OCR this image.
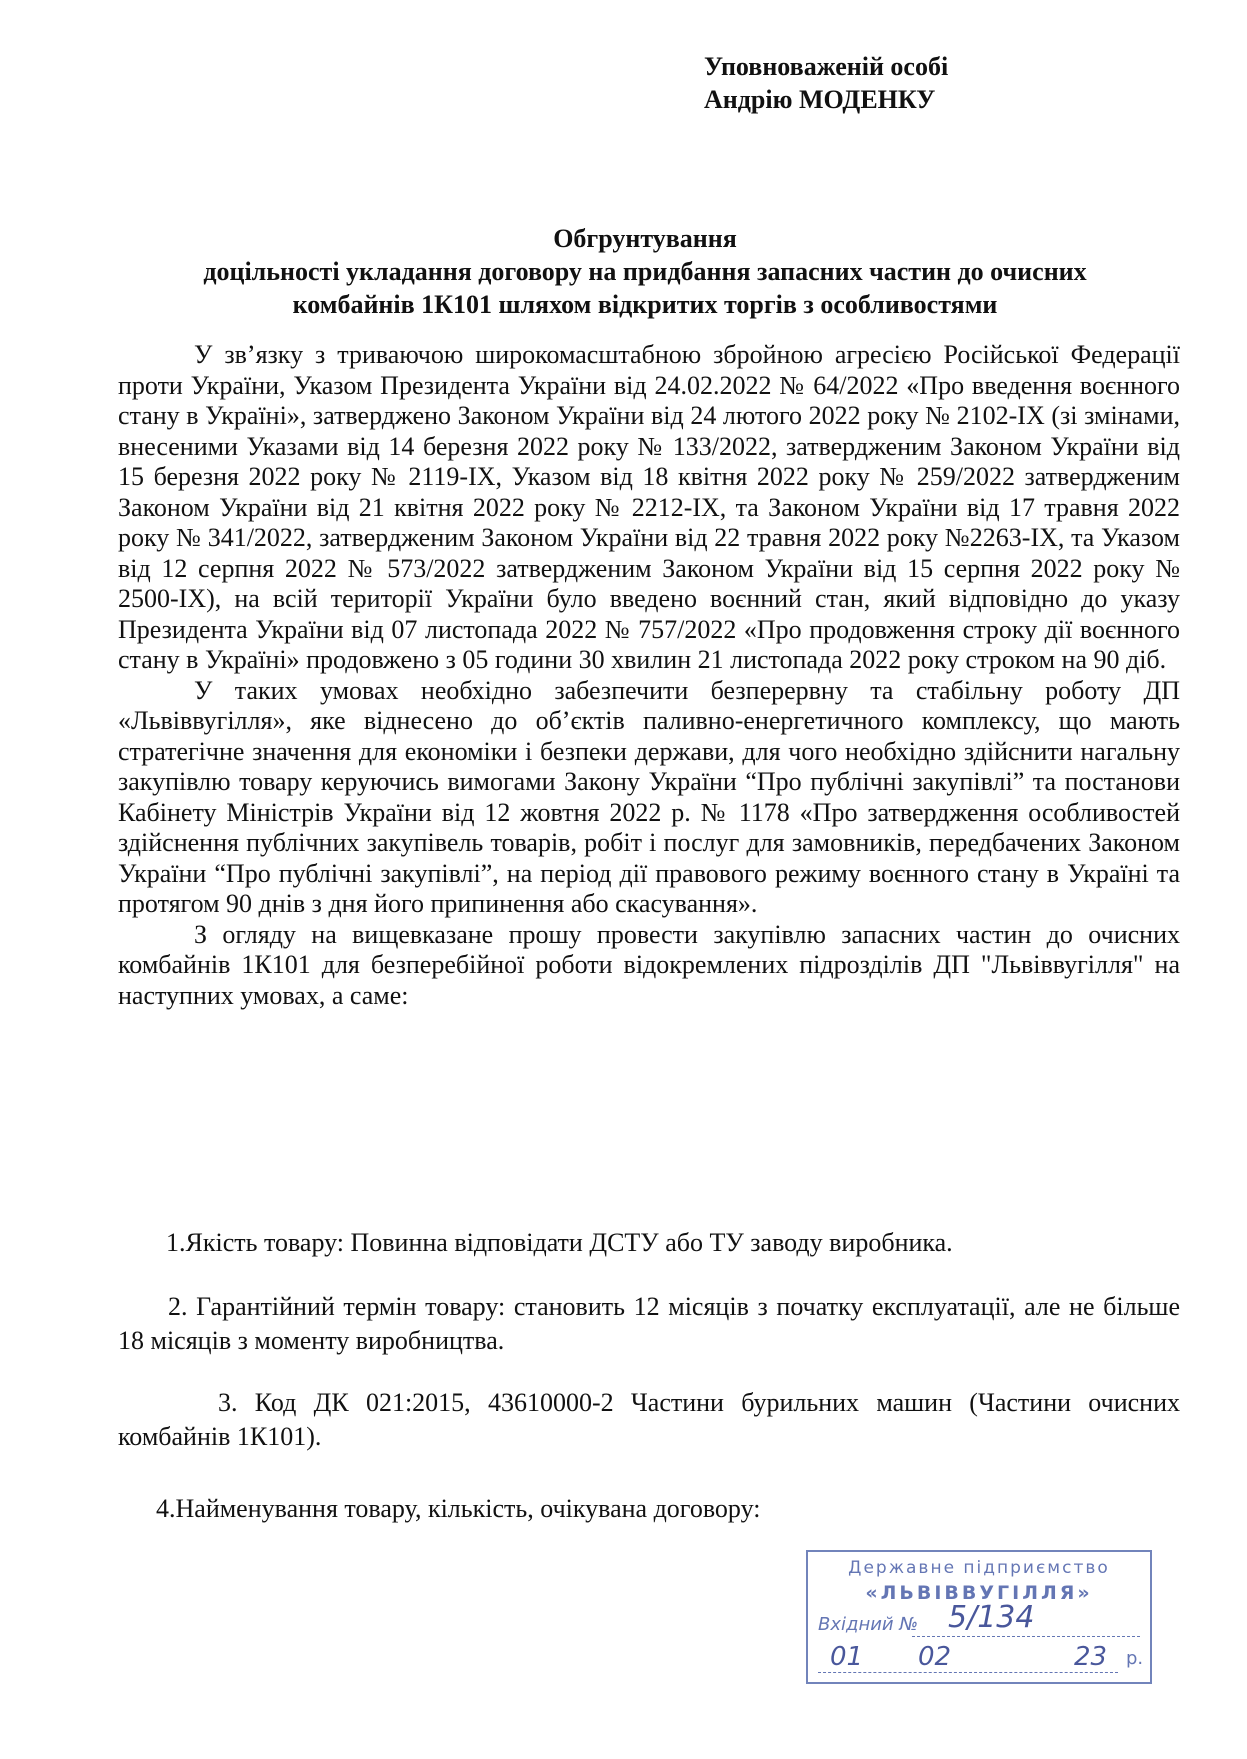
Уповноваженій особі
Андрію МОДЕНКУ
Обгрунтування
доцільності укладання договору на придбання запасних частин до очисних
комбайнів 1К101 шляхом відкритих торгів з особливостями

У зв’язку з триваючою широкомасштабною збройною агресією Російської Федерації проти України, Указом Президента України від 24.02.2022 № 64/2022 «Про введення воєнного стану в Україні», затверджено Законом України від 24 лютого 2022 року № 2102-IX (зі змінами, внесеними Указами від 14 березня 2022 року № 133/2022, затвердженим Законом України від 15 березня 2022 року № 2119-IX, Указом від 18 квітня 2022 року № 259/2022 затвердженим Законом України від 21 квітня 2022 року № 2212-IX, та Законом України від 17 травня 2022 року № 341/2022, затвердженим Законом України від 22 травня 2022 року №2263-IX, та Указом від 12 серпня 2022 № 573/2022 затвердженим Законом України від 15 серпня 2022 року № 2500-IX), на всій території України було введено воєнний стан, який відповідно до указу Президента України від 07 листопада 2022 № 757/2022 «Про продовження строку дії воєнного стану в Україні» продовжено з 05 години 30 хвилин 21 листопада 2022 року строком на 90 діб.

У таких умовах необхідно забезпечити безперервну та стабільну роботу ДП «Львіввугілля», яке віднесено до об’єктів паливно-енергетичного комплексу, що мають стратегічне значення для економіки і безпеки держави, для чого необхідно здійснити нагальну закупівлю товару керуючись вимогами Закону України “Про публічні закупівлі” та постанови Кабінету Міністрів України від 12 жовтня 2022 р. № 1178 «Про затвердження особливостей здійснення публічних закупівель товарів, робіт і послуг для замовників, передбачених Законом України “Про публічні закупівлі”, на період дії правового режиму воєнного стану в Україні та протягом 90 днів з дня його припинення або скасування».

З огляду на вищевказане прошу провести закупівлю запасних частин до очисних комбайнів 1К101 для безперебійної роботи відокремлених підрозділів ДП "Львіввугілля" на наступних умовах, а саме:

1.Якість товару: Повинна відповідати ДСТУ або ТУ заводу виробника.
2. Гарантійний термін товару: становить 12 місяців з початку експлуатації, але не більше 18 місяців з моменту виробництва.
3. Код ДК 021:2015, 43610000-2 Частини бурильних машин (Частини очисних комбайнів 1К101).
4.Найменування товару, кількість, очікувана договору:
Державне підприємство
«ЛЬВІВВУГІЛЛЯ»
Вхідний № 5/134
01 02	23 р.
